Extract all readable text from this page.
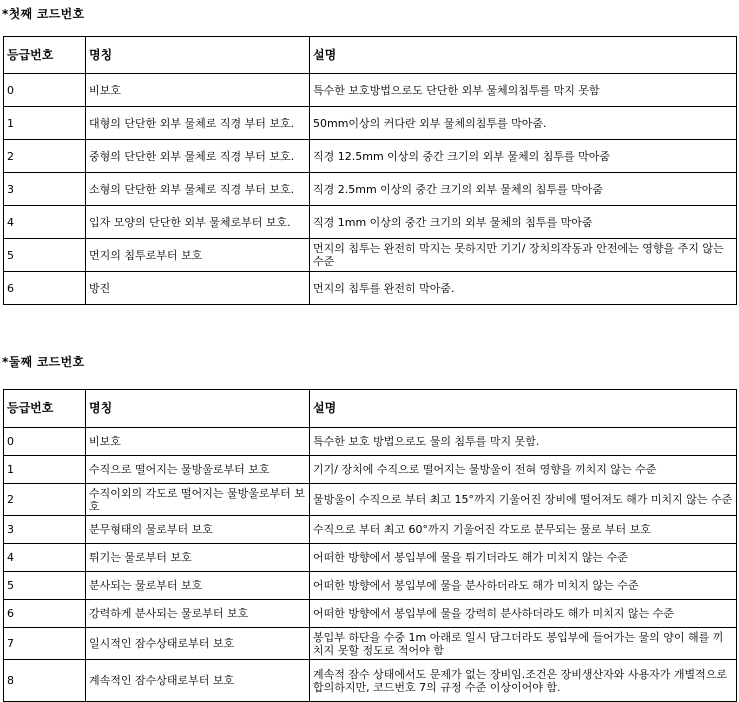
*첫째 코드번호
등급번호	명칭	설명
0	비보호	특수한 보호방법으로도 단단한 외부 물체의침투를 막지 못함
1	대형의 단단한 외부 물체로 직경 부터 보호.	50mm이상의 커다란 외부 물체의침투를 막아줌.
2	중형의 단단한 외부 물체로 직경 부터 보호.	직경 12.5mm 이상의 중간 크기의 외부 물체의 침투를 막아줌
3	소형의 단단한 외부 물체로 직경 부터 보호.	직경 2.5mm 이상의 중간 크기의 외부 물체의 침투를 막아줌
4	입자 모양의 단단한 외부 물체로부터 보호.	직경 1mm 이상의 중간 크기의 외부 물체의 침투를 막아줌
5	먼지의 침투로부터 보호	먼지의 침투는 완전히 막지는 못하지만 기기/ 장치의작동과 안전에는 영향을 주지 않는 수준
6	방진	먼지의 침투를 완전히 막아줌.
*둘째 코드번호
등급번호	명칭	설명
0	비보호	특수한 보호 방법으로도 물의 침투를 막지 못함.
1	수직으로 떨어지는 물방울로부터 보호	기기/ 장치에 수직으로 떨어지는 물방울이 전혀 영향을 끼치지 않는 수준
2	수직이외의 각도로 떨어지는 물방울로부터 보호	물방울이 수직으로 부터 최고 15°까지 기울어진 장비에 떨어져도 해가 미치지 않는 수준
3	분무형태의 물로부터 보호	수직으로 부터 최고 60°까지 기울어진 각도로 분무되는 물로 부터 보호
4	튀기는 물로부터 보호	어떠한 방향에서 봉입부에 물을 튀기더라도 해가 미치지 않는 수준
5	분사되는 물로부터 보호	어떠한 방향에서 봉입부에 물을 분사하더라도 해가 미치지 않는 수준
6	강력하게 분사되는 물로부터 보호	어떠한 방향에서 봉입부에 물을 강력히 분사하더라도 해가 미치지 않는 수준
7	일시적인 잠수상태로부터 보호	봉입부 하단을 수중 1m 아래로 일시 담그더라도 봉입부에 들어가는 물의 양이 해를 끼치지 못할 정도로 적어야 함
8	계속적인 잠수상태로부터 보호	계속적 잠수 상태에서도 문제가 없는 장비임.조건은 장비생산자와 사용자가 개별적으로 합의하지만, 코드번호 7의 규정 수준 이상이어야 함.
